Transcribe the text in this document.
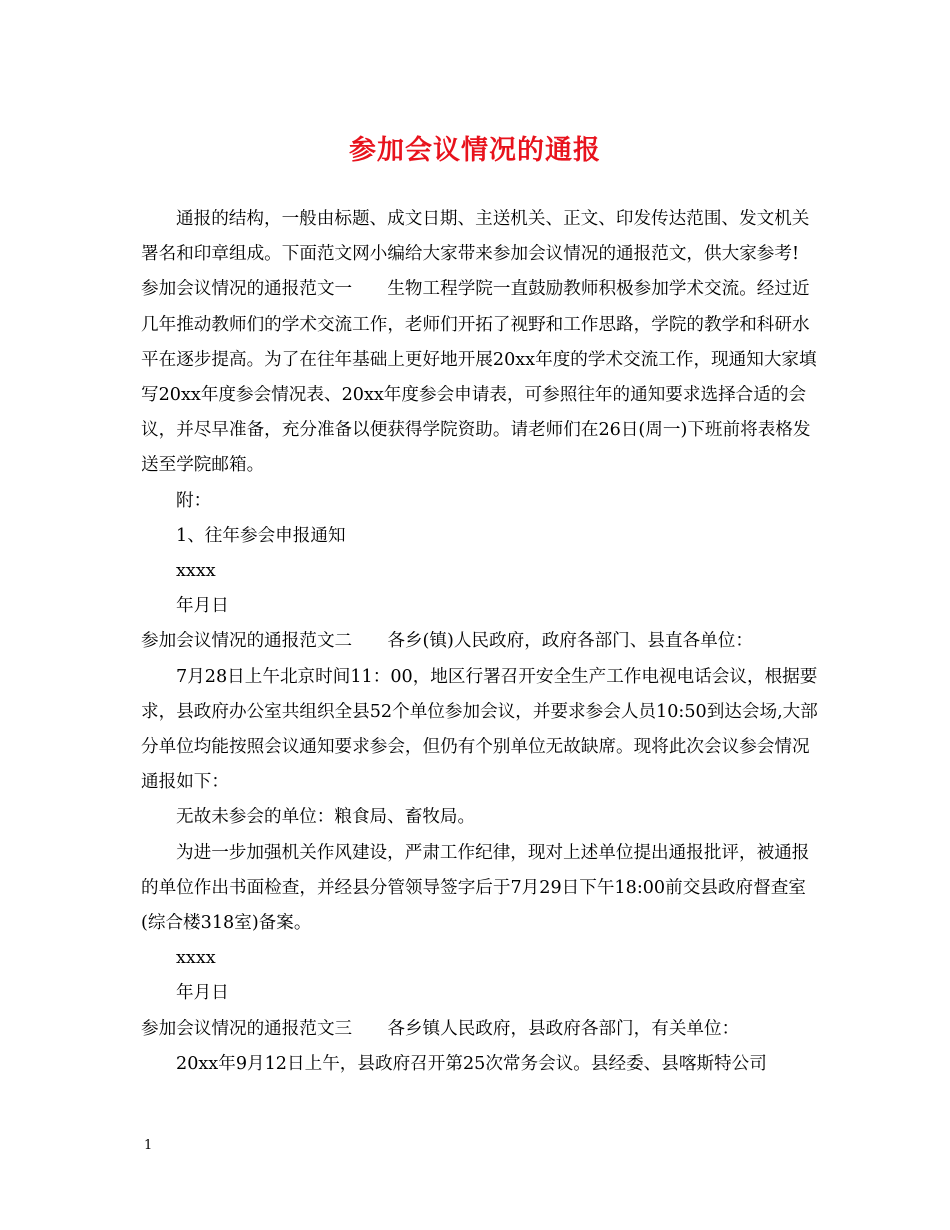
参加会议情况的通报

通报的结构，一般由标题、成文日期、主送机关、正文、印发传达范围、发文机关署名和印章组成。下面范文网小编给大家带来参加会议情况的通报范文，供大家参考!

参加会议情况的通报范文一　　生物工程学院一直鼓励教师积极参加学术交流。经过近几年推动教师们的学术交流工作，老师们开拓了视野和工作思路，学院的教学和科研水平在逐步提高。为了在往年基础上更好地开展20xx年度的学术交流工作，现通知大家填写20xx年度参会情况表、20xx年度参会申请表，可参照往年的通知要求选择合适的会议，并尽早准备，充分准备以便获得学院资助。请老师们在26日(周一)下班前将表格发送至学院邮箱。

附：

1、往年参会申报通知

xxxx

年月日

参加会议情况的通报范文二　　各乡(镇)人民政府，政府各部门、县直各单位：

7月28日上午北京时间11：00，地区行署召开安全生产工作电视电话会议，根据要求，县政府办公室共组织全县52个单位参加会议，并要求参会人员10:50到达会场,大部分单位均能按照会议通知要求参会，但仍有个别单位无故缺席。现将此次会议参会情况通报如下：

无故未参会的单位：粮食局、畜牧局。

为进一步加强机关作风建设，严肃工作纪律，现对上述单位提出通报批评，被通报的单位作出书面检查，并经县分管领导签字后于7月29日下午18:00前交县政府督查室(综合楼318室)备案。

xxxx

年月日

参加会议情况的通报范文三　　各乡镇人民政府，县政府各部门，有关单位：

20xx年9月12日上午，县政府召开第25次常务会议。县经委、县喀斯特公司

1
